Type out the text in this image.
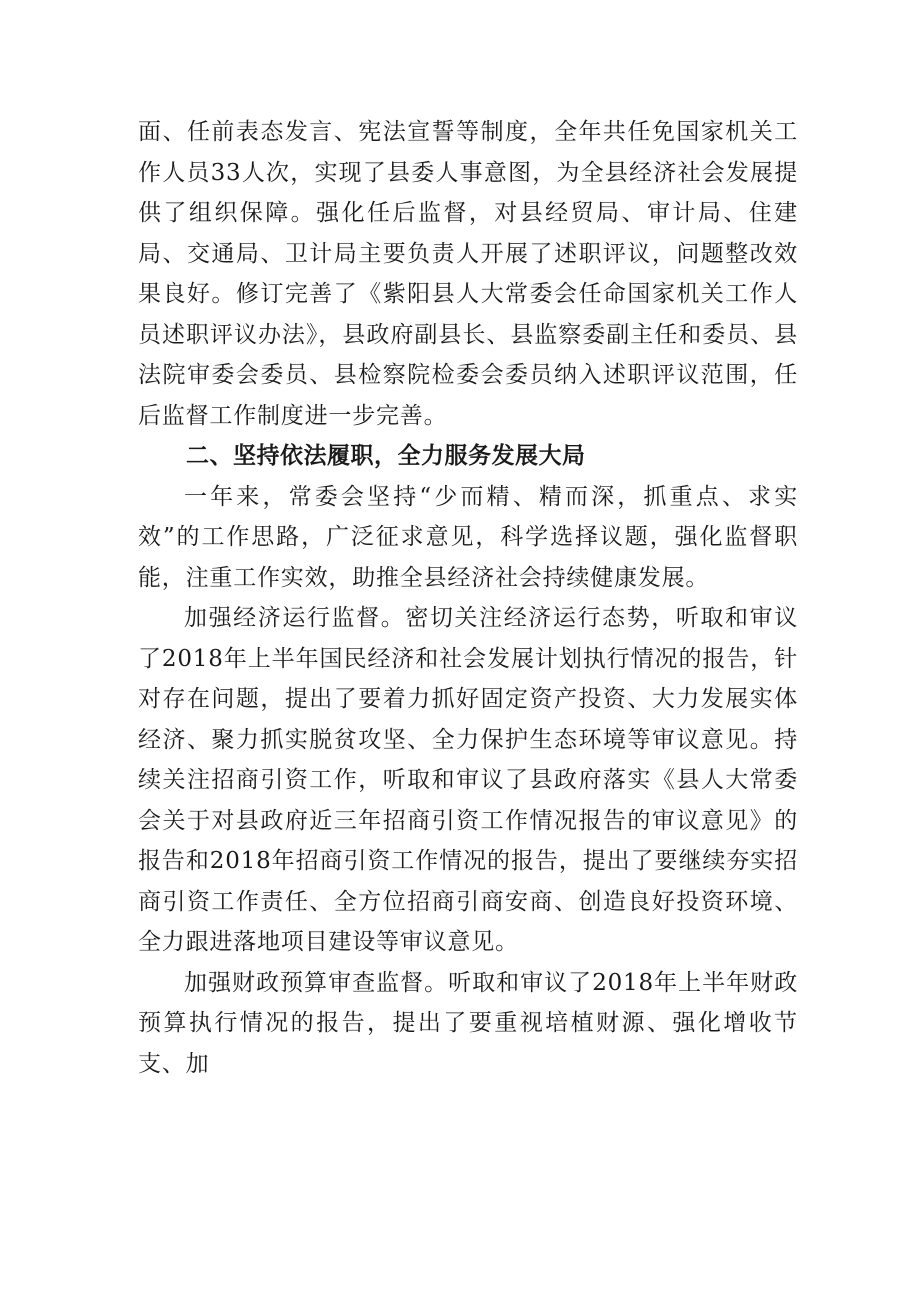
面、任前表态发言、宪法宣誓等制度，全年共任免国家机关工作人员33人次，实现了县委人事意图，为全县经济社会发展提供了组织保障。强化任后监督，对县经贸局、审计局、住建局、交通局、卫计局主要负责人开展了述职评议，问题整改效果良好。修订完善了《紫阳县人大常委会任命国家机关工作人员述职评议办法》，县政府副县长、县监察委副主任和委员、县法院审委会委员、县检察院检委会委员纳入述职评议范围，任后监督工作制度进一步完善。

二、坚持依法履职，全力服务发展大局

一年来，常委会坚持“少而精、精而深，抓重点、求实效”的工作思路，广泛征求意见，科学选择议题，强化监督职能，注重工作实效，助推全县经济社会持续健康发展。

加强经济运行监督。密切关注经济运行态势，听取和审议了2018年上半年国民经济和社会发展计划执行情况的报告，针对存在问题，提出了要着力抓好固定资产投资、大力发展实体经济、聚力抓实脱贫攻坚、全力保护生态环境等审议意见。持续关注招商引资工作，听取和审议了县政府落实《县人大常委会关于对县政府近三年招商引资工作情况报告的审议意见》的报告和2018年招商引资工作情况的报告，提出了要继续夯实招商引资工作责任、全方位招商引商安商、创造良好投资环境、全力跟进落地项目建设等审议意见。

加强财政预算审查监督。听取和审议了2018年上半年财政预算执行情况的报告，提出了要重视培植财源、强化增收节支、加
